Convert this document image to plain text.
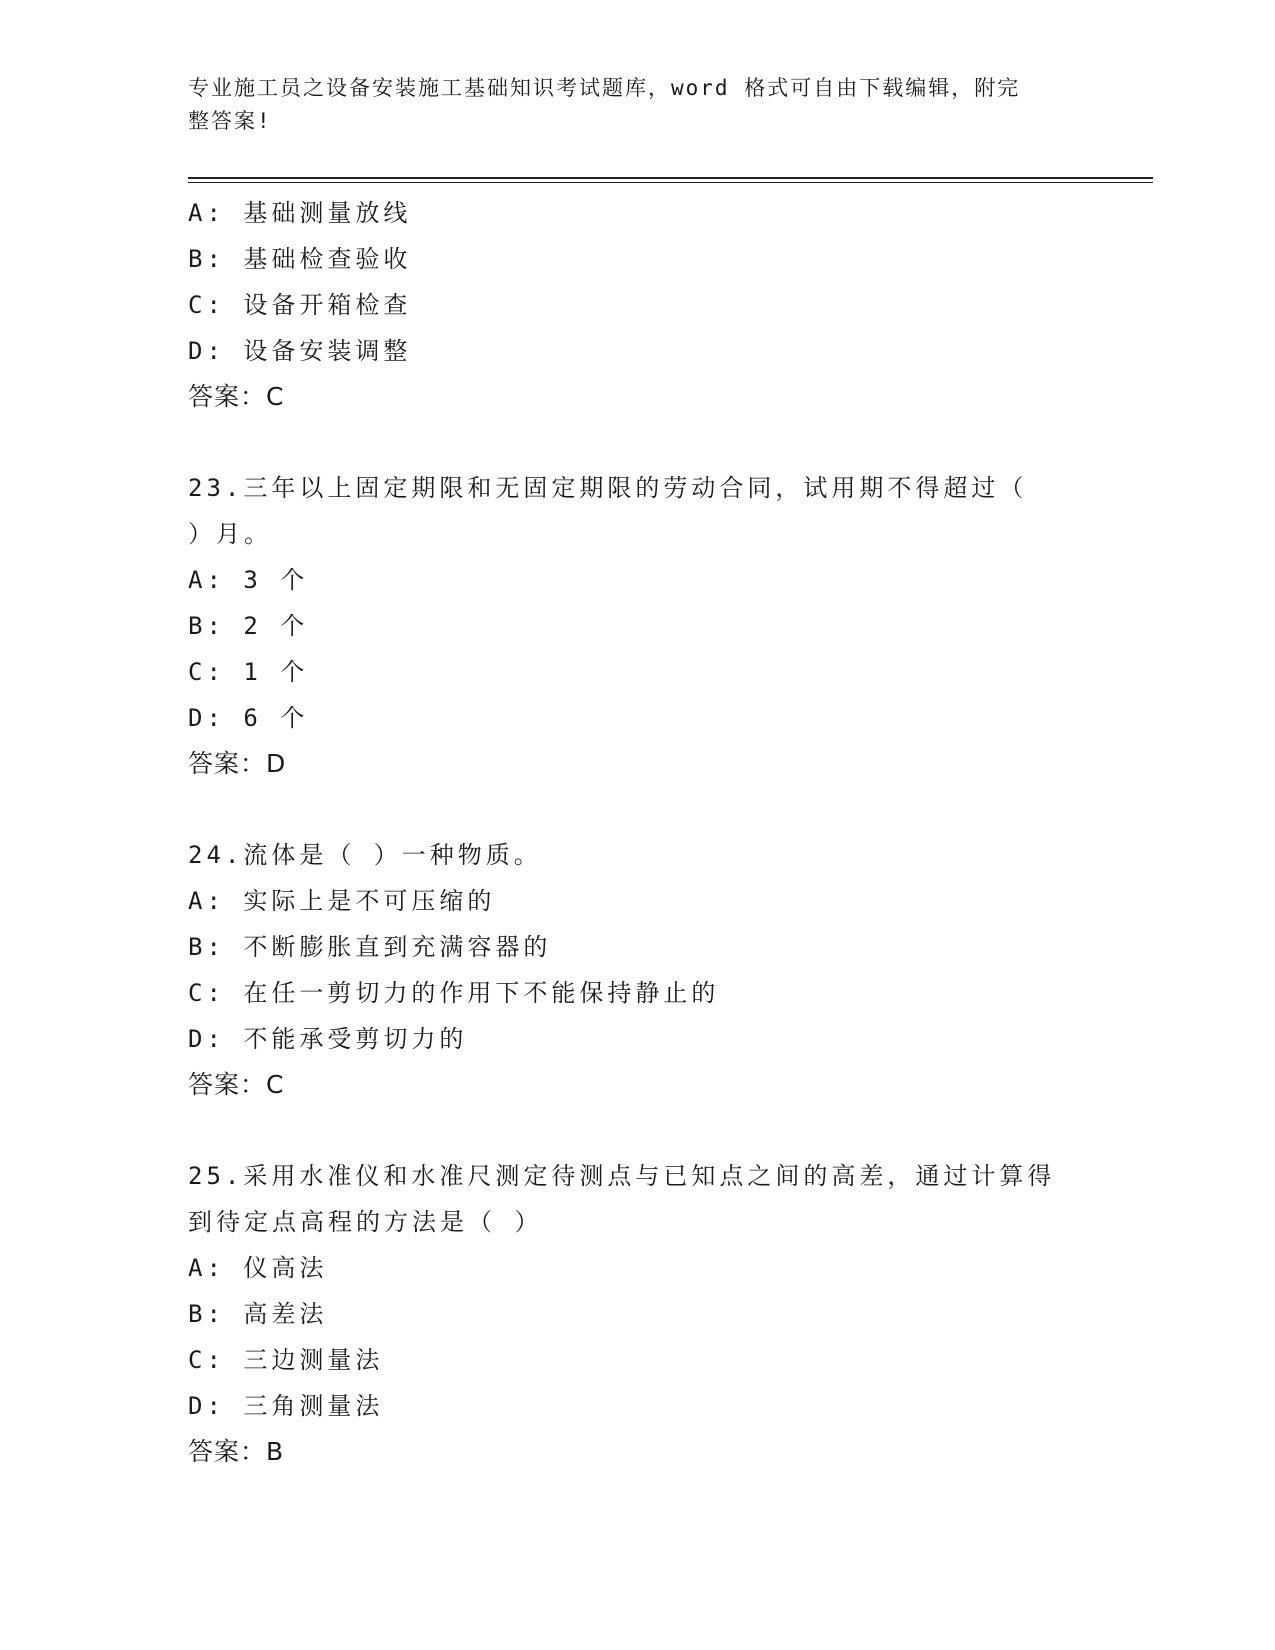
专业施工员之设备安装施工基础知识考试题库，word 格式可自由下载编辑，附完
整答案!
A: 基础测量放线
B: 基础检查验收
C: 设备开箱检查
D: 设备安装调整
答案：C
23.三年以上固定期限和无固定期限的劳动合同，试用期不得超过（
）月。
A: 3 个
B: 2 个
C: 1 个
D: 6 个
答案：D
24.流体是（ ）一种物质。
A: 实际上是不可压缩的
B: 不断膨胀直到充满容器的
C: 在任一剪切力的作用下不能保持静止的
D: 不能承受剪切力的
答案：C
25.采用水准仪和水准尺测定待测点与已知点之间的高差，通过计算得
到待定点高程的方法是（ ）
A: 仪高法
B: 高差法
C: 三边测量法
D: 三角测量法
答案：B
